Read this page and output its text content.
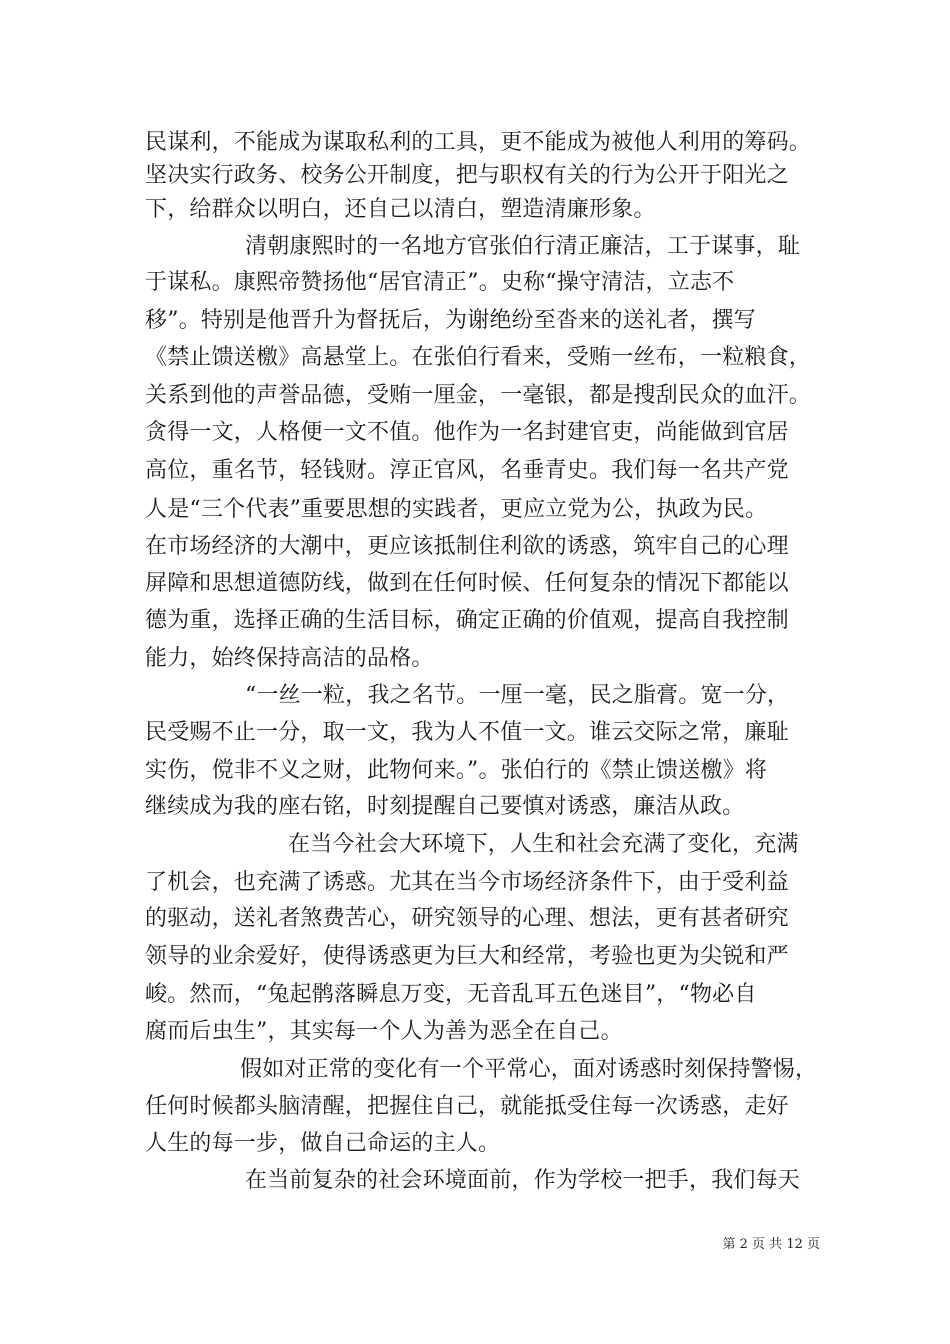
民谋利，不能成为谋取私利的工具，更不能成为被他人利用的筹码。
坚决实行政务、校务公开制度，把与职权有关的行为公开于阳光之
下，给群众以明白，还自己以清白，塑造清廉形象。
清朝康熙时的一名地方官张伯行清正廉洁，工于谋事，耻
于谋私。康熙帝赞扬他“居官清正”。史称“操守清洁，立志不
移”。特别是他晋升为督抚后，为谢绝纷至沓来的送礼者，撰写
《禁止馈送檄》高悬堂上。在张伯行看来，受贿一丝布，一粒粮食，
关系到他的声誉品德，受贿一厘金，一毫银，都是搜刮民众的血汗。
贪得一文，人格便一文不值。他作为一名封建官吏，尚能做到官居
高位，重名节，轻钱财。淳正官风，名垂青史。我们每一名共产党
人是“三个代表”重要思想的实践者，更应立党为公，执政为民。
在市场经济的大潮中，更应该抵制住利欲的诱惑，筑牢自己的心理
屏障和思想道德防线，做到在任何时候、任何复杂的情况下都能以
德为重，选择正确的生活目标，确定正确的价值观，提高自我控制
能力，始终保持高洁的品格。
“一丝一粒，我之名节。一厘一毫，民之脂膏。宽一分，
民受赐不止一分，取一文，我为人不值一文。谁云交际之常，廉耻
实伤，傥非不义之财，此物何来。”。张伯行的《禁止馈送檄》将
继续成为我的座右铭，时刻提醒自己要慎对诱惑，廉洁从政。
在当今社会大环境下，人生和社会充满了变化，充满
了机会，也充满了诱惑。尤其在当今市场经济条件下，由于受利益
的驱动，送礼者煞费苦心，研究领导的心理、想法，更有甚者研究
领导的业余爱好，使得诱惑更为巨大和经常，考验也更为尖锐和严
峻。然而，“兔起鹘落瞬息万变，无音乱耳五色迷目”，“物必自
腐而后虫生”，其实每一个人为善为恶全在自己。
假如对正常的变化有一个平常心，面对诱惑时刻保持警惕，
任何时候都头脑清醒，把握住自己，就能抵受住每一次诱惑，走好
人生的每一步，做自己命运的主人。
在当前复杂的社会环境面前，作为学校一把手，我们每天
第 2 页 共 12 页
